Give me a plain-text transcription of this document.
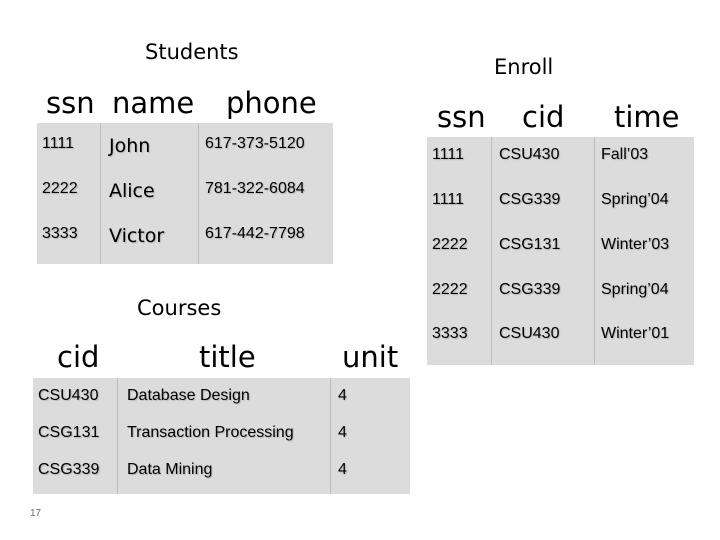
Students
Enroll
Courses
ssn name phone
1111 John	617-373-5120
2222 Alice	781-322-6084
3333 Victor	617-442-7798
ssn cid time
1111 CSU430	Fall’03
1111 CSG339	Spring’04
2222 CSG131	Winter’03
2222 CSG339	Spring’04
3333 CSU430	Winter’01
cid	title	unit
CSU430 Database Design	4
CSG131 Transaction Processing	4
CSG339 Data Mining	4
17
